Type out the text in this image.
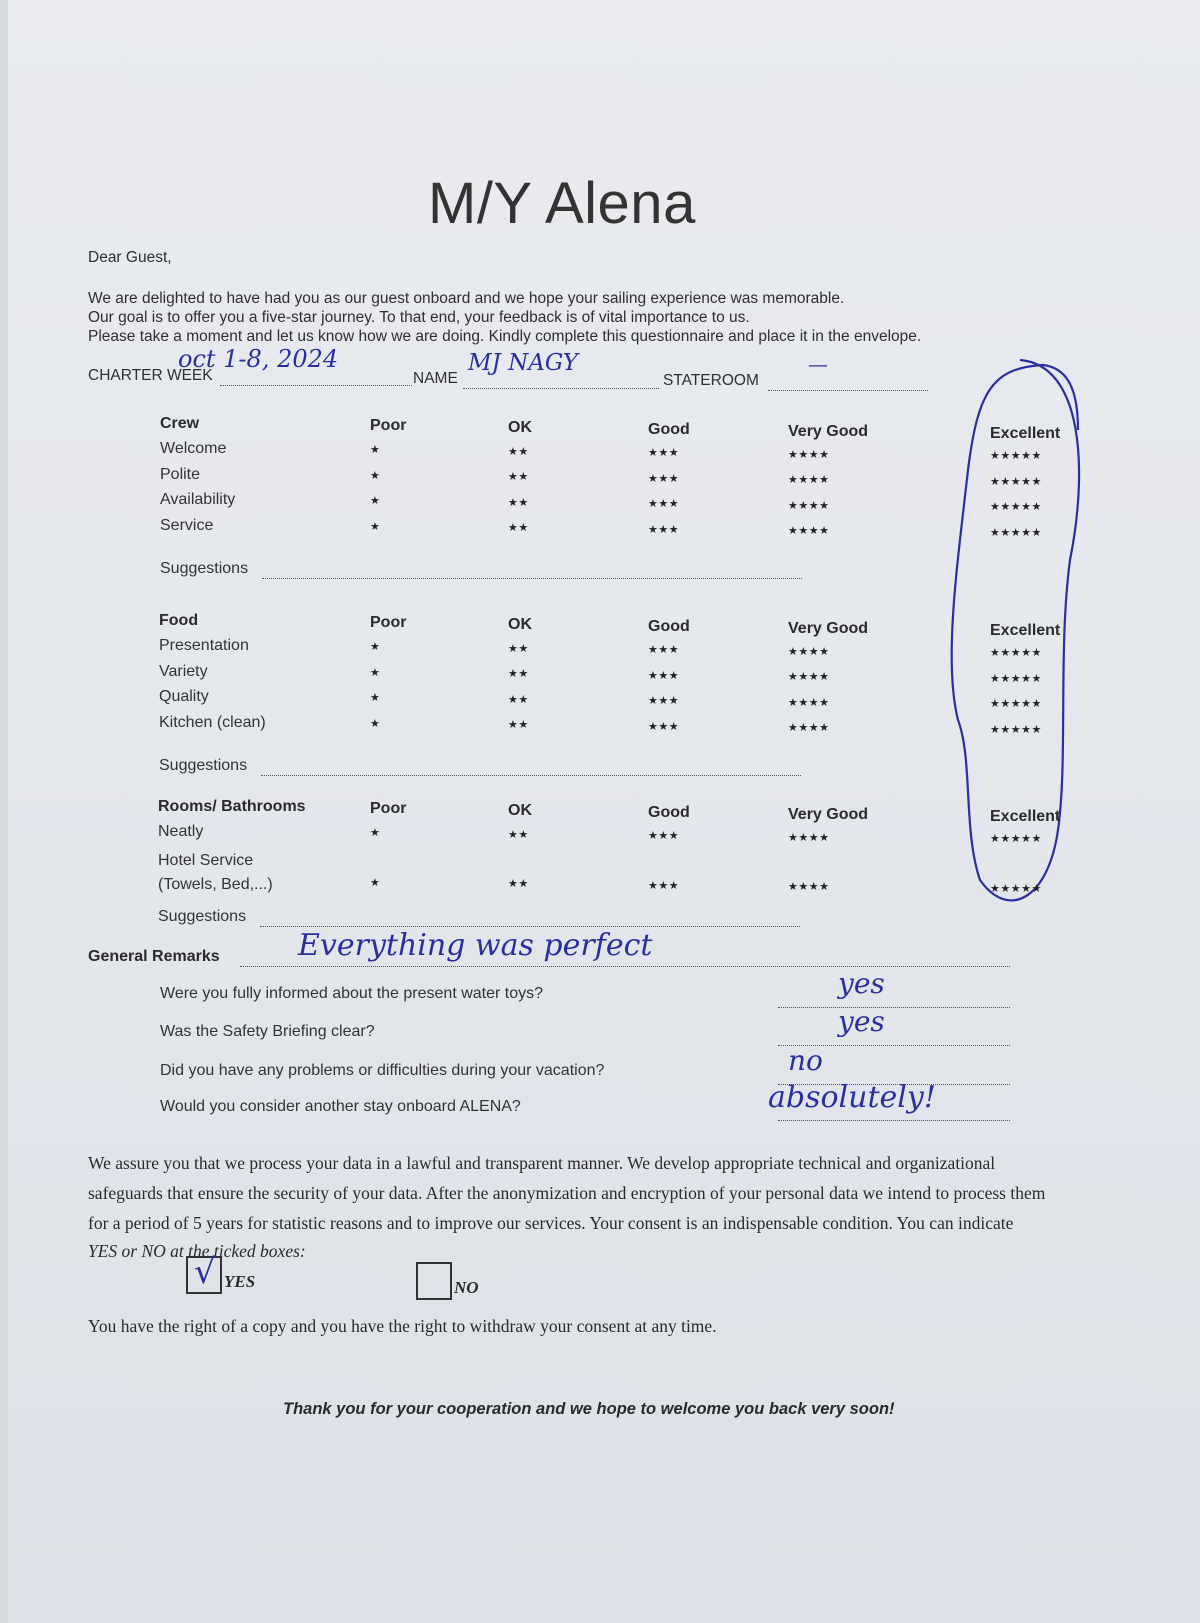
M/Y Alena
Dear Guest,
We are delighted to have had you as our guest onboard and we hope your sailing experience was memorable.
Our goal is to offer you a five-star journey. To that end, your feedback is of vital importance to us.
Please take a moment and let us know how we are doing. Kindly complete this questionnaire and place it in the envelope.
CHARTER WEEK
oct 1-8, 2024
NAME
MJ NAGY
STATEROOM
—
General Remarks	Everything was perfect
We assure you that we process your data in a lawful and transparent manner. We develop appropriate technical and organizational
safeguards that ensure the security of your data. After the anonymization and encryption of your personal data we intend to process them
for a period of 5 years for statistic reasons and to improve our services. Your consent is an indispensable condition. You can indicate
YES or NO at the ticked boxes:
√ YES	NO
You have the right of a copy and you have the right to withdraw your consent at any time.
Thank you for your cooperation and we hope to welcome you back very soon!
Crew	Poor	OK	Good	Very Good	Excellent
Welcome	★	★★	★★★	★★★★	★★★★★
Polite	★	★★	★★★	★★★★	★★★★★
Availability	★	★★	★★★	★★★★	★★★★★
Service	★	★★	★★★	★★★★	★★★★★
Suggestions
Food	Poor	OK	Good	Very Good	Excellent
Presentation	★	★★	★★★	★★★★	★★★★★
Variety	★	★★	★★★	★★★★	★★★★★
Quality	★	★★	★★★	★★★★	★★★★★
Kitchen (clean)	★	★★	★★★	★★★★	★★★★★
Suggestions
Rooms/ Bathrooms	Poor	OK	Good	Very Good	Excellent
Neatly	★	★★	★★★	★★★★	★★★★★
Hotel Service (Towels, Bed,...)	★	★★	★★★	★★★★	★★★★★
Suggestions
Were you fully informed about the present water toys?	yes
Was the Safety Briefing clear?	yes
Did you have any problems or difficulties during your vacation?	no
Would you consider another stay onboard ALENA?	absolutely!
